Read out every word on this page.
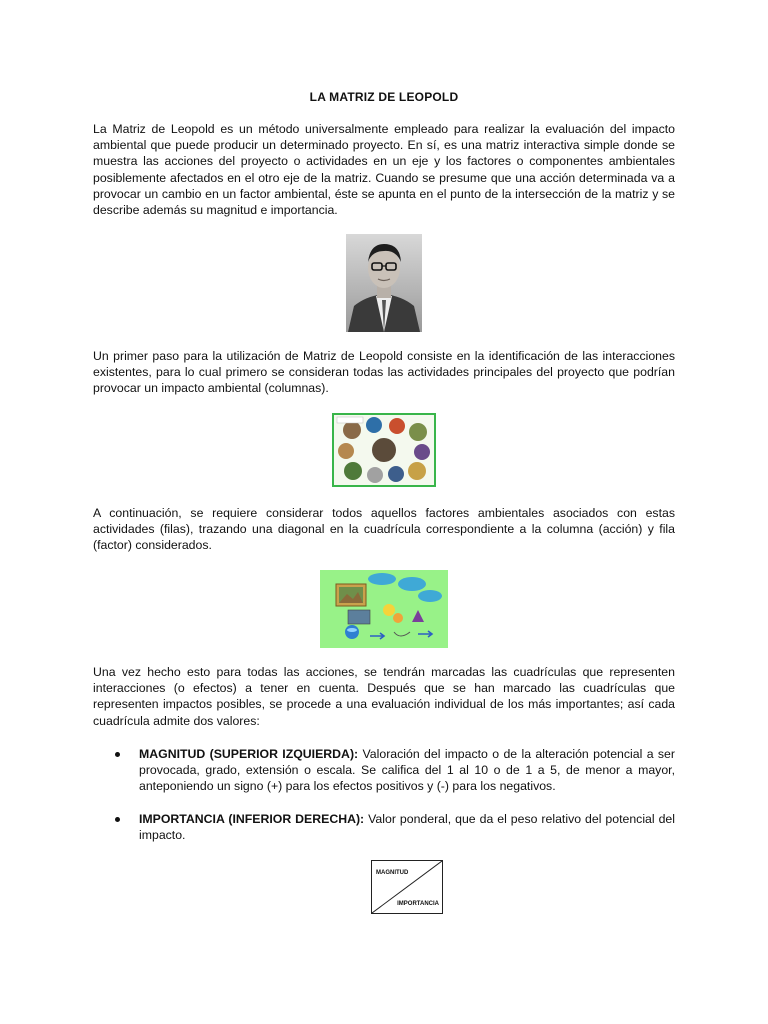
LA MATRIZ DE LEOPOLD

La Matriz de Leopold es un método universalmente empleado para realizar la evaluación del impacto ambiental que puede producir un determinado proyecto. En sí, es una matriz interactiva simple donde se muestra las acciones del proyecto o actividades en un eje y los factores o componentes ambientales posiblemente afectados en el otro eje de la matriz. Cuando se presume que una acción determinada va a provocar un cambio en un factor ambiental, éste se apunta en el punto de la intersección de la matriz y se describe además su magnitud e importancia.

Un primer paso para la utilización de Matriz de Leopold consiste en la identificación de las interacciones existentes, para lo cual primero se consideran todas las actividades principales del proyecto que podrían provocar un impacto ambiental (columnas).

A continuación, se requiere considerar todos aquellos factores ambientales asociados con estas actividades (filas), trazando una diagonal en la cuadrícula correspondiente a la columna (acción) y fila (factor) considerados.

Una vez hecho esto para todas las acciones, se tendrán marcadas las cuadrículas que representen interacciones (o efectos) a tener en cuenta. Después que se han marcado las cuadrículas que representen impactos posibles, se procede a una evaluación individual de los más importantes; así cada cuadrícula admite dos valores:

MAGNITUD (SUPERIOR IZQUIERDA): Valoración del impacto o de la alteración potencial a ser provocada, grado, extensión o escala. Se califica del 1 al 10 o de 1 a 5, de menor a mayor, anteponiendo un signo (+) para los efectos positivos y (-) para los negativos.
IMPORTANCIA (INFERIOR DERECHA): Valor ponderal, que da el peso relativo del potencial del impacto.
MAGNITUD
IMPORTANCIA
